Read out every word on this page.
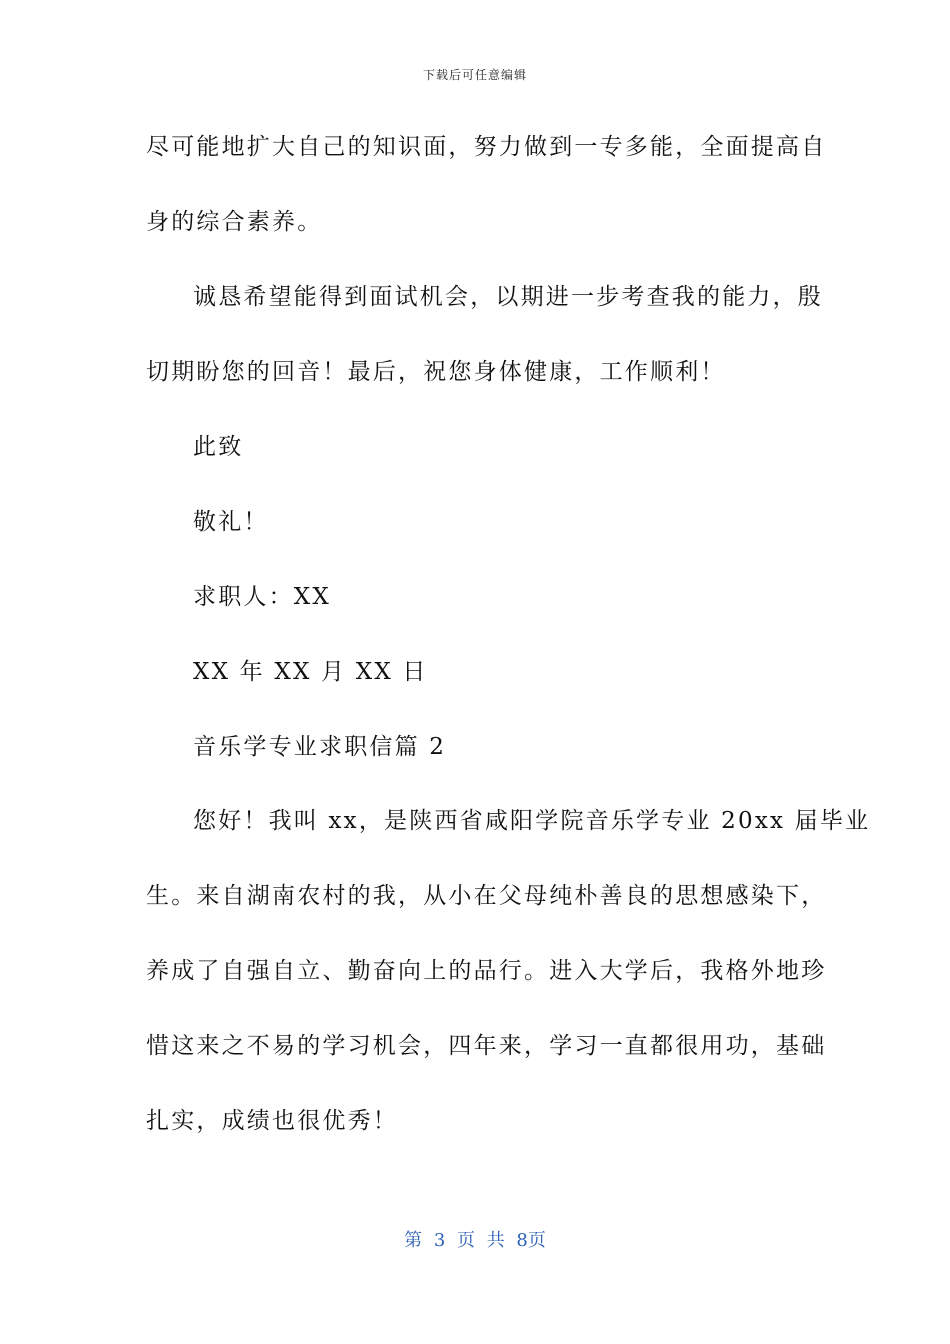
下载后可任意编辑
尽可能地扩大自己的知识面，努力做到一专多能，全面提高自
身的综合素养。
诚恳希望能得到面试机会，以期进一步考查我的能力，殷
切期盼您的回音！最后，祝您身体健康，工作顺利！
此致
敬礼！
求职人：XX
XX 年 XX 月 XX 日
音乐学专业求职信篇 2
您好！我叫 xx，是陕西省咸阳学院音乐学专业 20xx 届毕业
生。来自湖南农村的我，从小在父母纯朴善良的思想感染下，
养成了自强自立、勤奋向上的品行。进入大学后，我格外地珍
惜这来之不易的学习机会，四年来，学习一直都很用功，基础
扎实，成绩也很优秀！
第 3 页 共 8页
